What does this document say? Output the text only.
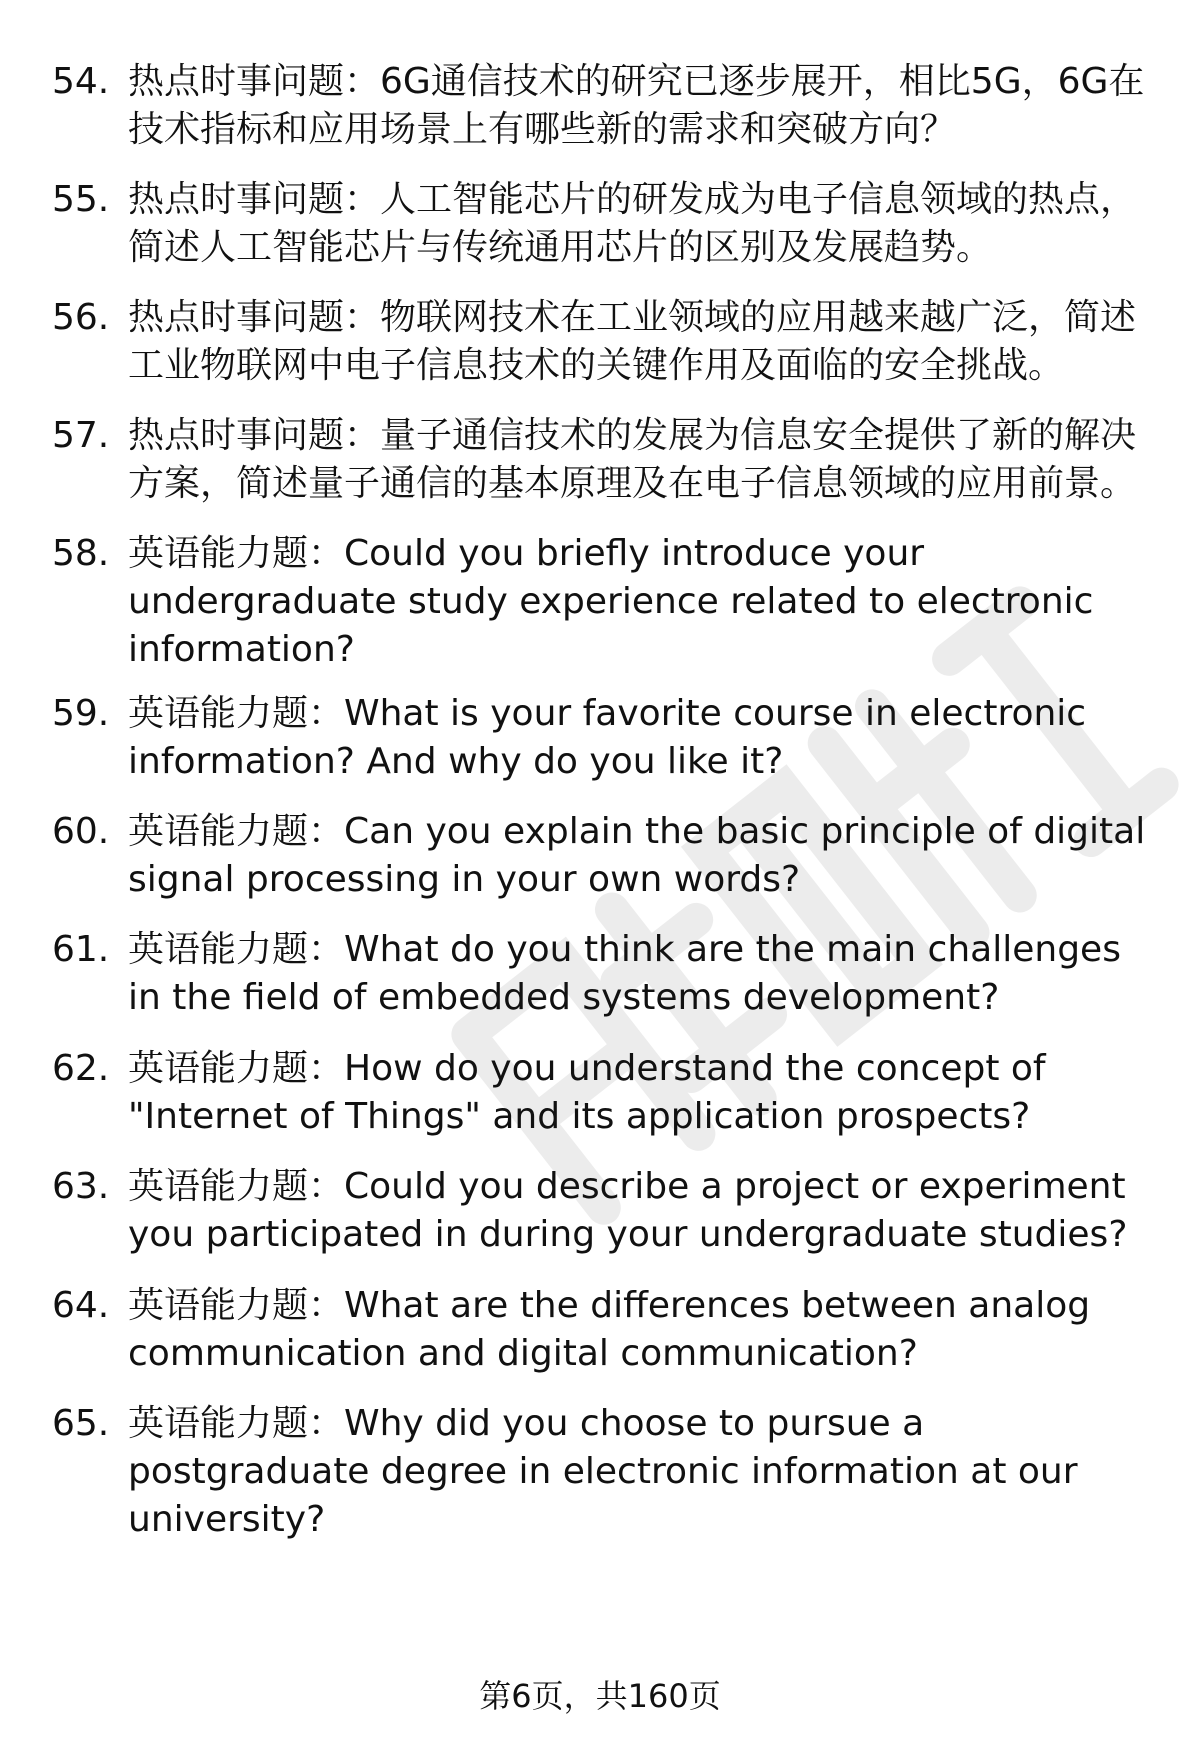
54. 热点时事问题：6G通信技术的研究已逐步展开，相比5G，6G在技术指标和应用场景上有哪些新的需求和突破方向？
55. 热点时事问题：人工智能芯片的研发成为电子信息领域的热点，简述人工智能芯片与传统通用芯片的区别及发展趋势。
56. 热点时事问题：物联网技术在工业领域的应用越来越广泛，简述工业物联网中电子信息技术的关键作用及面临的安全挑战。
57. 热点时事问题：量子通信技术的发展为信息安全提供了新的解决方案，简述量子通信的基本原理及在电子信息领域的应用前景。
58. 英语能力题：Could you briefly introduce your undergraduate study experience related to electronic information?
59. 英语能力题：What is your favorite course in electronic information? And why do you like it?
60. 英语能力题：Can you explain the basic principle of digital signal processing in your own words?
61. 英语能力题：What do you think are the main challenges in the field of embedded systems development?
62. 英语能力题：How do you understand the concept of "Internet of Things" and its application prospects?
63. 英语能力题：Could you describe a project or experiment you participated in during your undergraduate studies?
64. 英语能力题：What are the differences between analog communication and digital communication?
65. 英语能力题：Why did you choose to pursue a postgraduate degree in electronic information at our university?
第6页，共160页
